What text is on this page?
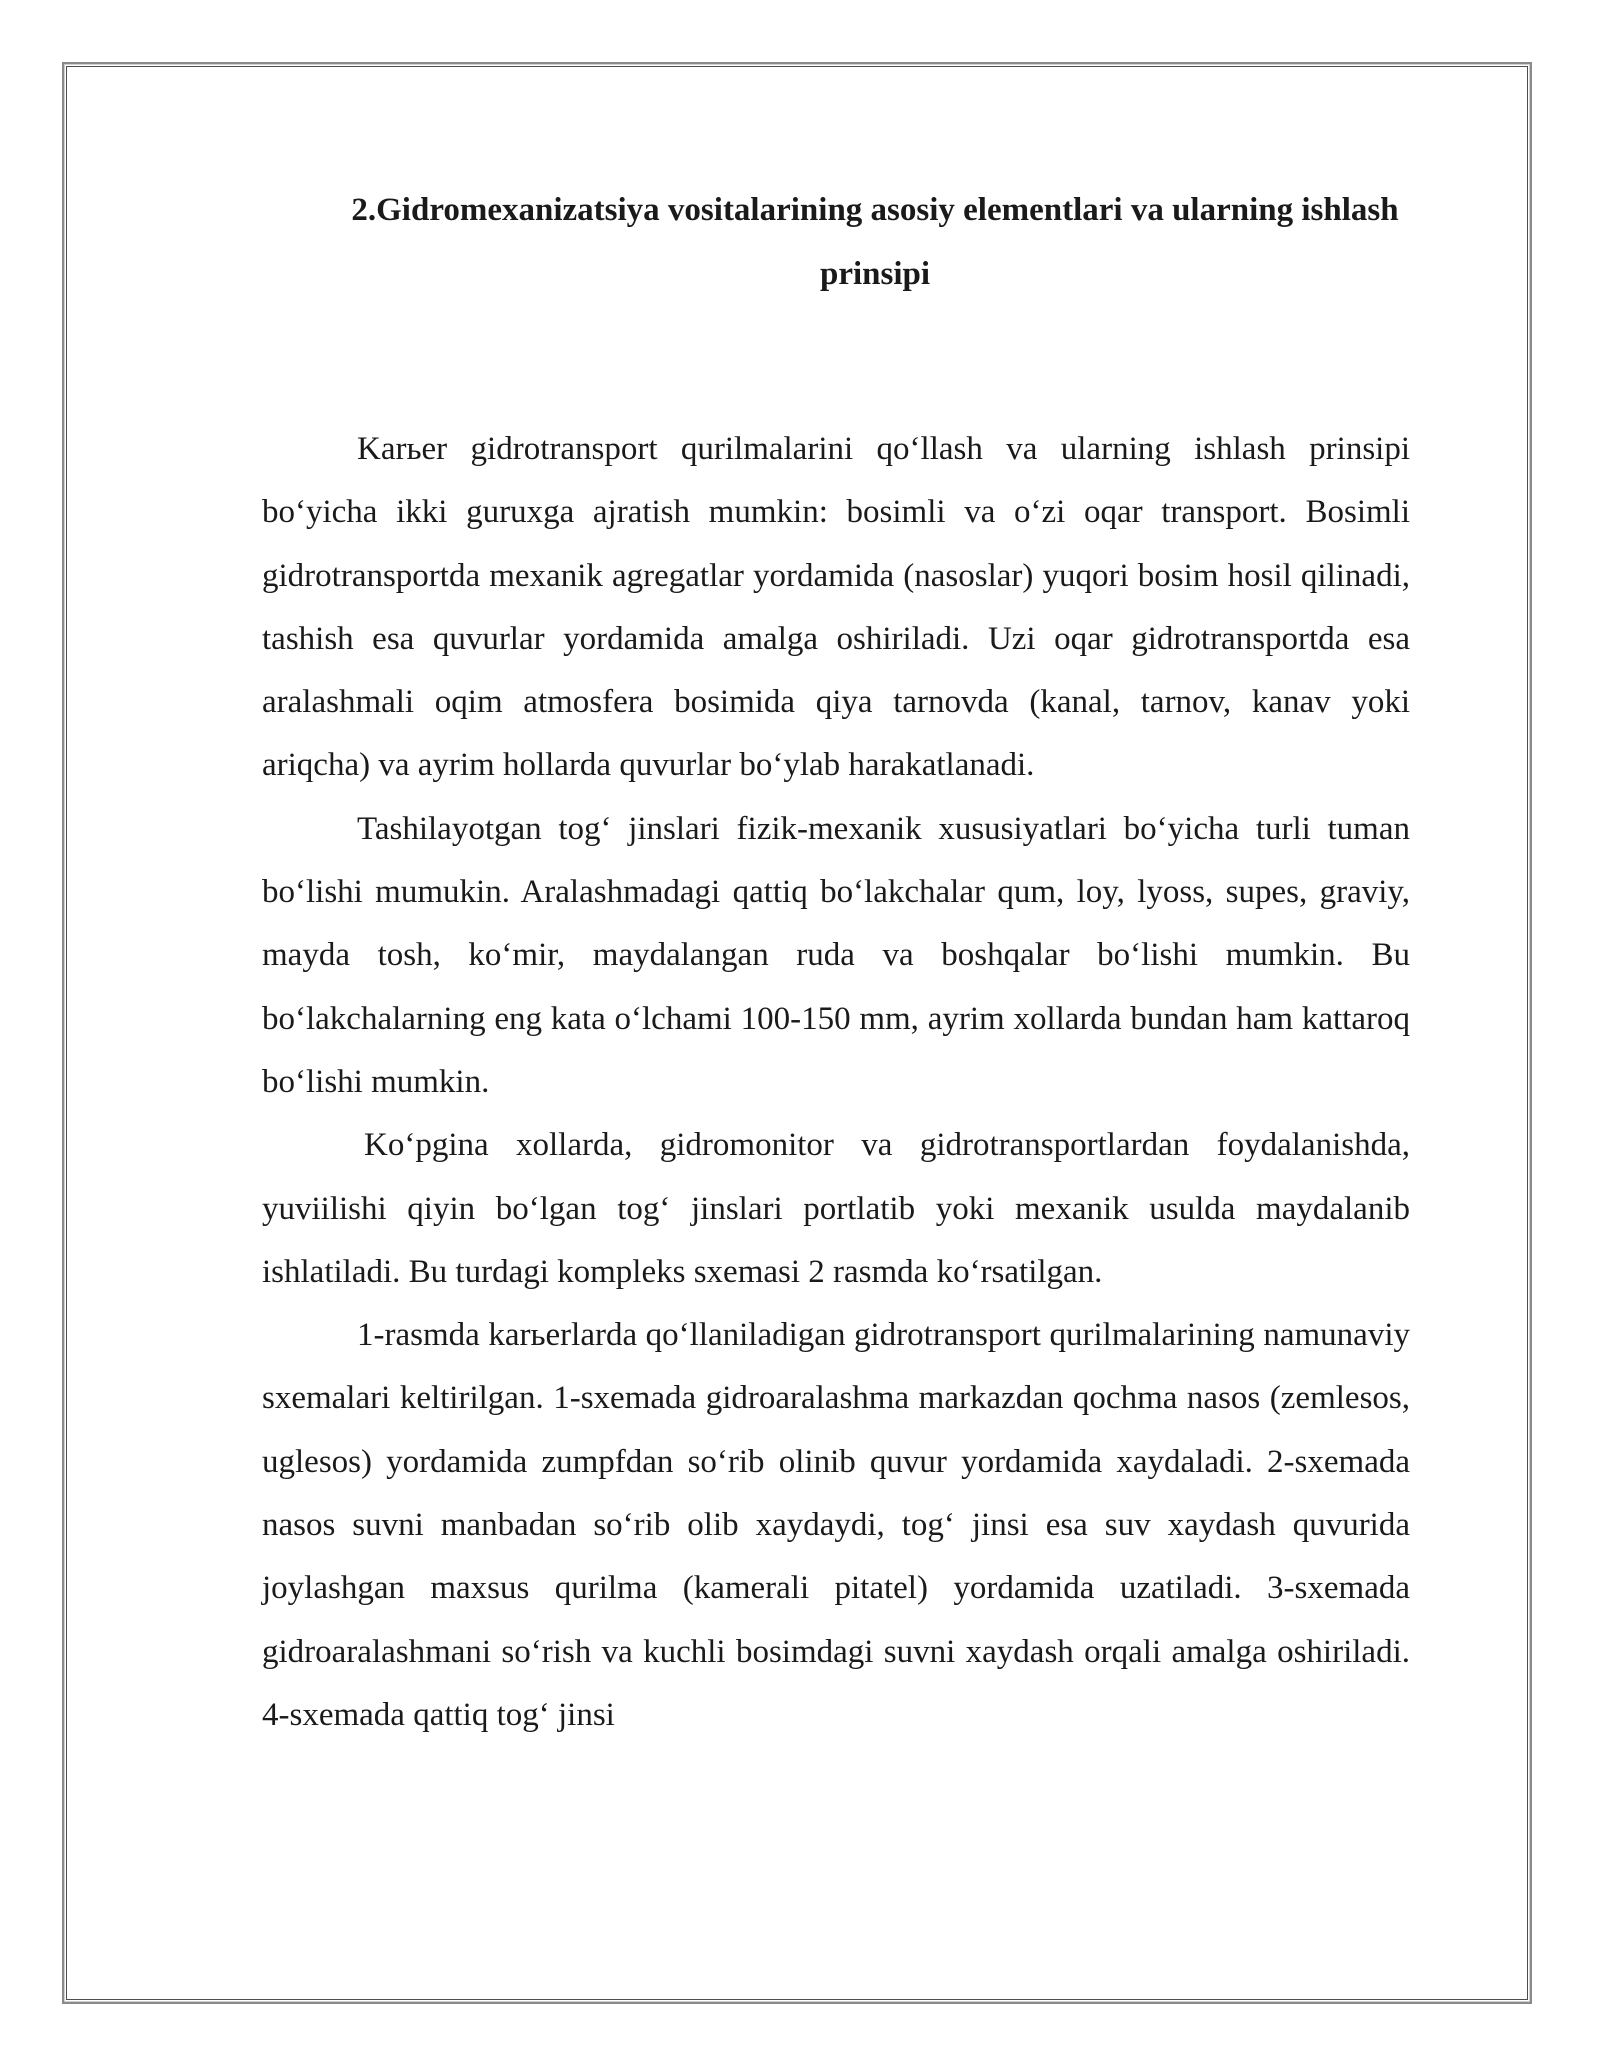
2.Gidromexanizatsiya vositalarining asosiy elementlari va ularning ishlash prinsipi

Karьer gidrotransport qurilmalarini qo‘llash va ularning ishlash prinsipi bo‘yicha ikki guruxga ajratish mumkin: bosimli va o‘zi oqar transport. Bosimli gidrotransportda mexanik agregatlar yordamida (nasoslar) yuqori bosim hosil qilinadi, tashish esa quvurlar yordamida amalga oshiriladi. Uzi oqar gidrotransportda esa aralashmali oqim atmosfera bosimida qiya tarnovda (kanal, tarnov, kanav yoki ariqcha) va ayrim hollarda quvurlar bo‘ylab harakatlanadi.

Tashilayotgan tog‘ jinslari fizik-mexanik xususiyatlari bo‘yicha turli tuman bo‘lishi mumukin. Aralashmadagi qattiq bo‘lakchalar qum, loy, lyoss, supes, graviy, mayda tosh, ko‘mir, maydalangan ruda va boshqalar bo‘lishi mumkin. Bu bo‘lakchalarning eng kata o‘lchami 100-150 mm, ayrim xollarda bundan ham kattaroq bo‘lishi mumkin.

Ko‘pgina xollarda, gidromonitor va gidrotransportlardan foydalanishda, yuviilishi qiyin bo‘lgan tog‘ jinslari portlatib yoki mexanik usulda maydalanib ishlatiladi. Bu turdagi kompleks sxemasi 2 rasmda ko‘rsatilgan.

1-rasmda karьerlarda qo‘llaniladigan gidrotransport qurilmalarining namunaviy sxemalari keltirilgan. 1-sxemada gidroaralashma markazdan qochma nasos (zemlesos, uglesos) yordamida zumpfdan so‘rib olinib quvur yordamida xaydaladi. 2-sxemada nasos suvni manbadan so‘rib olib xaydaydi, tog‘ jinsi esa suv xaydash quvurida joylashgan maxsus qurilma (kamerali pitatel) yordamida uzatiladi. 3-sxemada gidroaralashmani so‘rish va kuchli bosimdagi suvni xaydash orqali amalga oshiriladi. 4-sxemada qattiq tog‘ jinsi
